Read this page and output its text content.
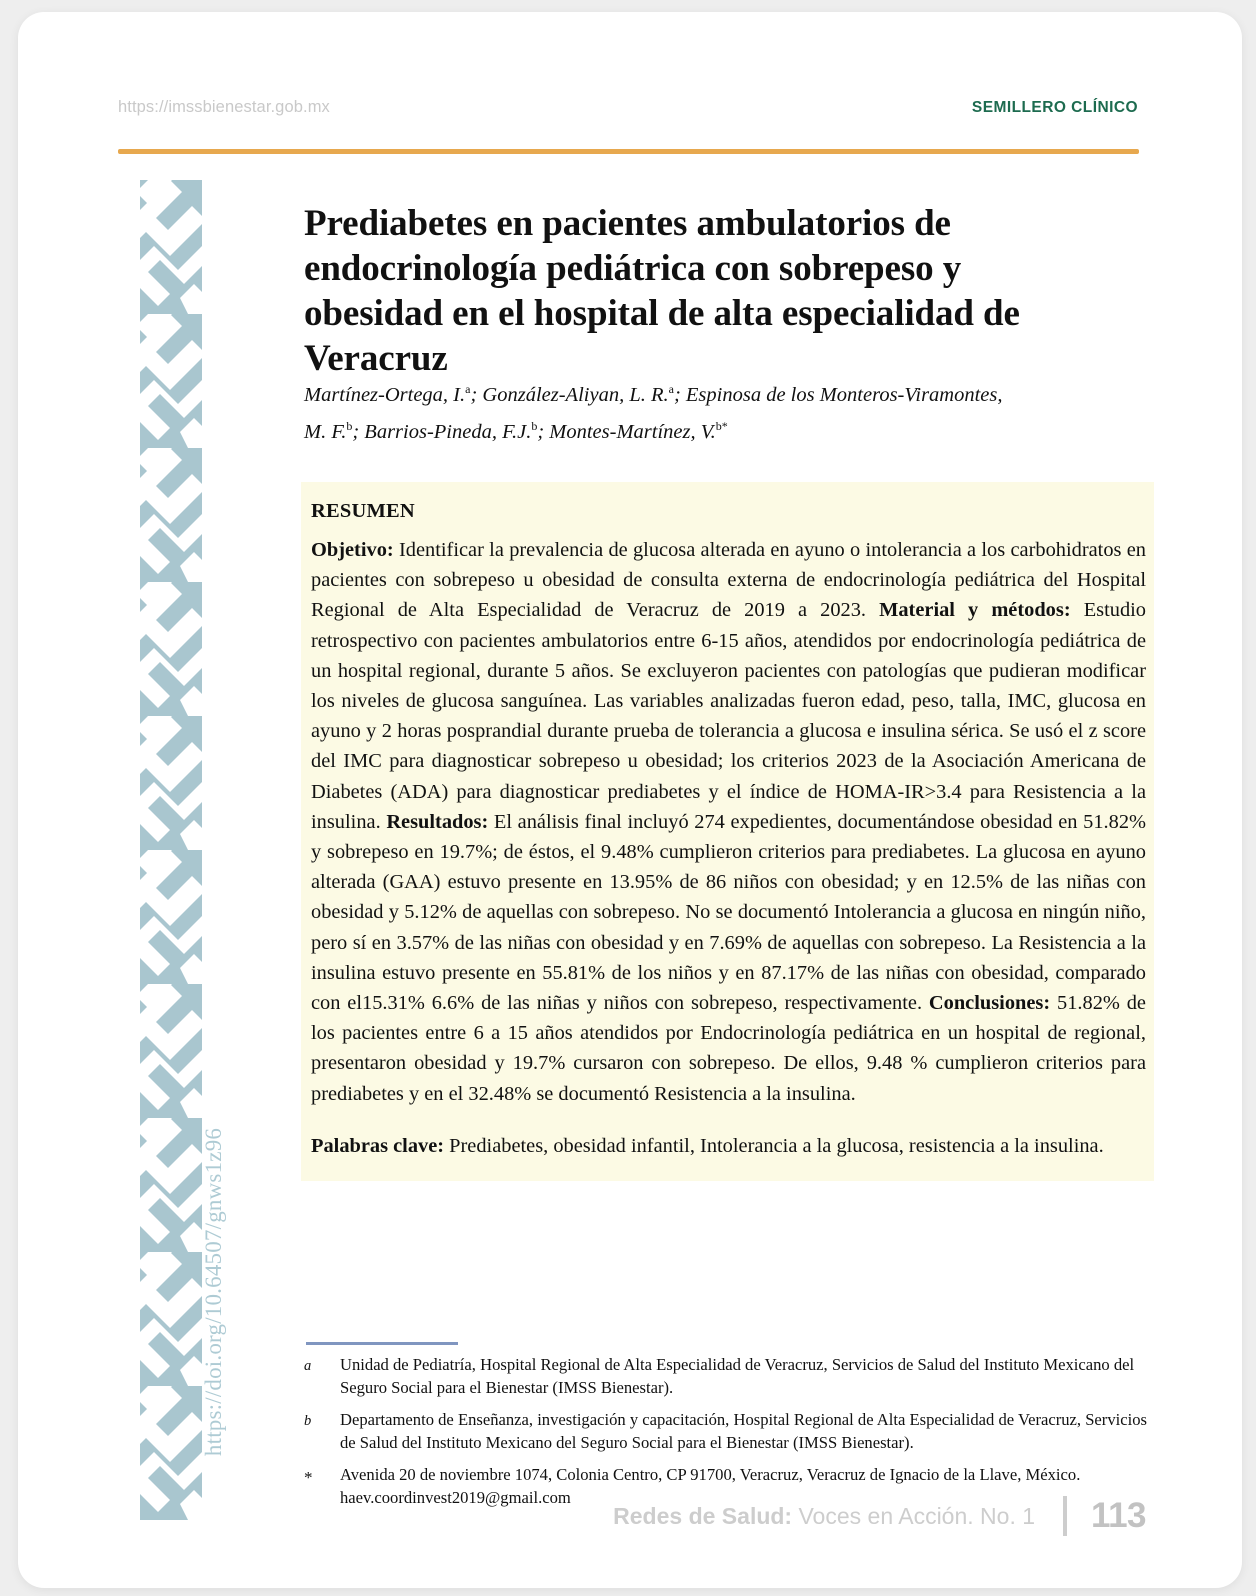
https://imssbienestar.gob.mx	SEMILLERO CLÍNICO
https://doi.org/10.64507/gnws1z96
Prediabetes en pacientes ambulatorios de endocrinología pediátrica con sobrepeso y obesidad en el hospital de alta especialidad de Veracruz
Martínez-Ortega, I.$^a$; González-Aliyan, L. R.$^a$; Espinosa de los Monteros-Viramontes,
M. F.$^b$; Barrios-Pineda, F.J.$^b$; Montes-Martínez, V.$^{b*}$
RESUMEN

Objetivo: Identificar la prevalencia de glucosa alterada en ayuno o intolerancia a los carbohidratos en pacientes con sobrepeso u obesidad de consulta externa de endocrinología pediátrica del Hospital Regional de Alta Especialidad de Veracruz de 2019 a 2023. Material y métodos: Estudio retrospectivo con pacientes ambulatorios entre 6-15 años, atendidos por endocrinología pediátrica de un hospital regional, durante 5 años. Se excluyeron pacientes con patologías que pudieran modificar los niveles de glucosa sanguínea. Las variables analizadas fueron edad, peso, talla, IMC, glucosa en ayuno y 2 horas posprandial durante prueba de tolerancia a glucosa e insulina sérica. Se usó el z score del IMC para diagnosticar sobrepeso u obesidad; los criterios 2023 de la Asociación Americana de Diabetes (ADA) para diagnosticar prediabetes y el índice de HOMA-IR>3.4 para Resistencia a la insulina. Resultados: El análisis final incluyó 274 expedientes, documentándose obesidad en 51.82% y sobrepeso en 19.7%; de éstos, el 9.48% cumplieron criterios para prediabetes. La glucosa en ayuno alterada (GAA) estuvo presente en 13.95% de 86 niños con obesidad; y en 12.5% de las niñas con obesidad y 5.12% de aquellas con sobrepeso. No se documentó Intolerancia a glucosa en ningún niño, pero sí en 3.57% de las niñas con obesidad y en 7.69% de aquellas con sobrepeso. La Resistencia a la insulina estuvo presente en 55.81% de los niños y en 87.17% de las niñas con obesidad, comparado con el15.31% 6.6% de las niñas y niños con sobrepeso, respectivamente. Conclusiones: 51.82% de los pacientes entre 6 a 15 años atendidos por Endocrinología pediátrica en un hospital de regional, presentaron obesidad y 19.7% cursaron con sobrepeso. De ellos, 9.48 % cumplieron criterios para prediabetes y en el 32.48% se documentó Resistencia a la insulina.

Palabras clave: Prediabetes, obesidad infantil, Intolerancia a la glucosa, resistencia a la insulina.

a	Unidad de Pediatría, Hospital Regional de Alta Especialidad de Veracruz, Servicios de Salud del Instituto Mexicano del Seguro Social para el Bienestar (IMSS Bienestar).
b	Departamento de Enseñanza, investigación y capacitación, Hospital Regional de Alta Especialidad de Veracruz, Servicios de Salud del Instituto Mexicano del Seguro Social para el Bienestar (IMSS Bienestar).
*	Avenida 20 de noviembre 1074, Colonia Centro, CP 91700, Veracruz, Veracruz de Ignacio de la Llave, México. haev.coordinvest2019@gmail.com
Redes de Salud: Voces en Acción. No. 1 113
